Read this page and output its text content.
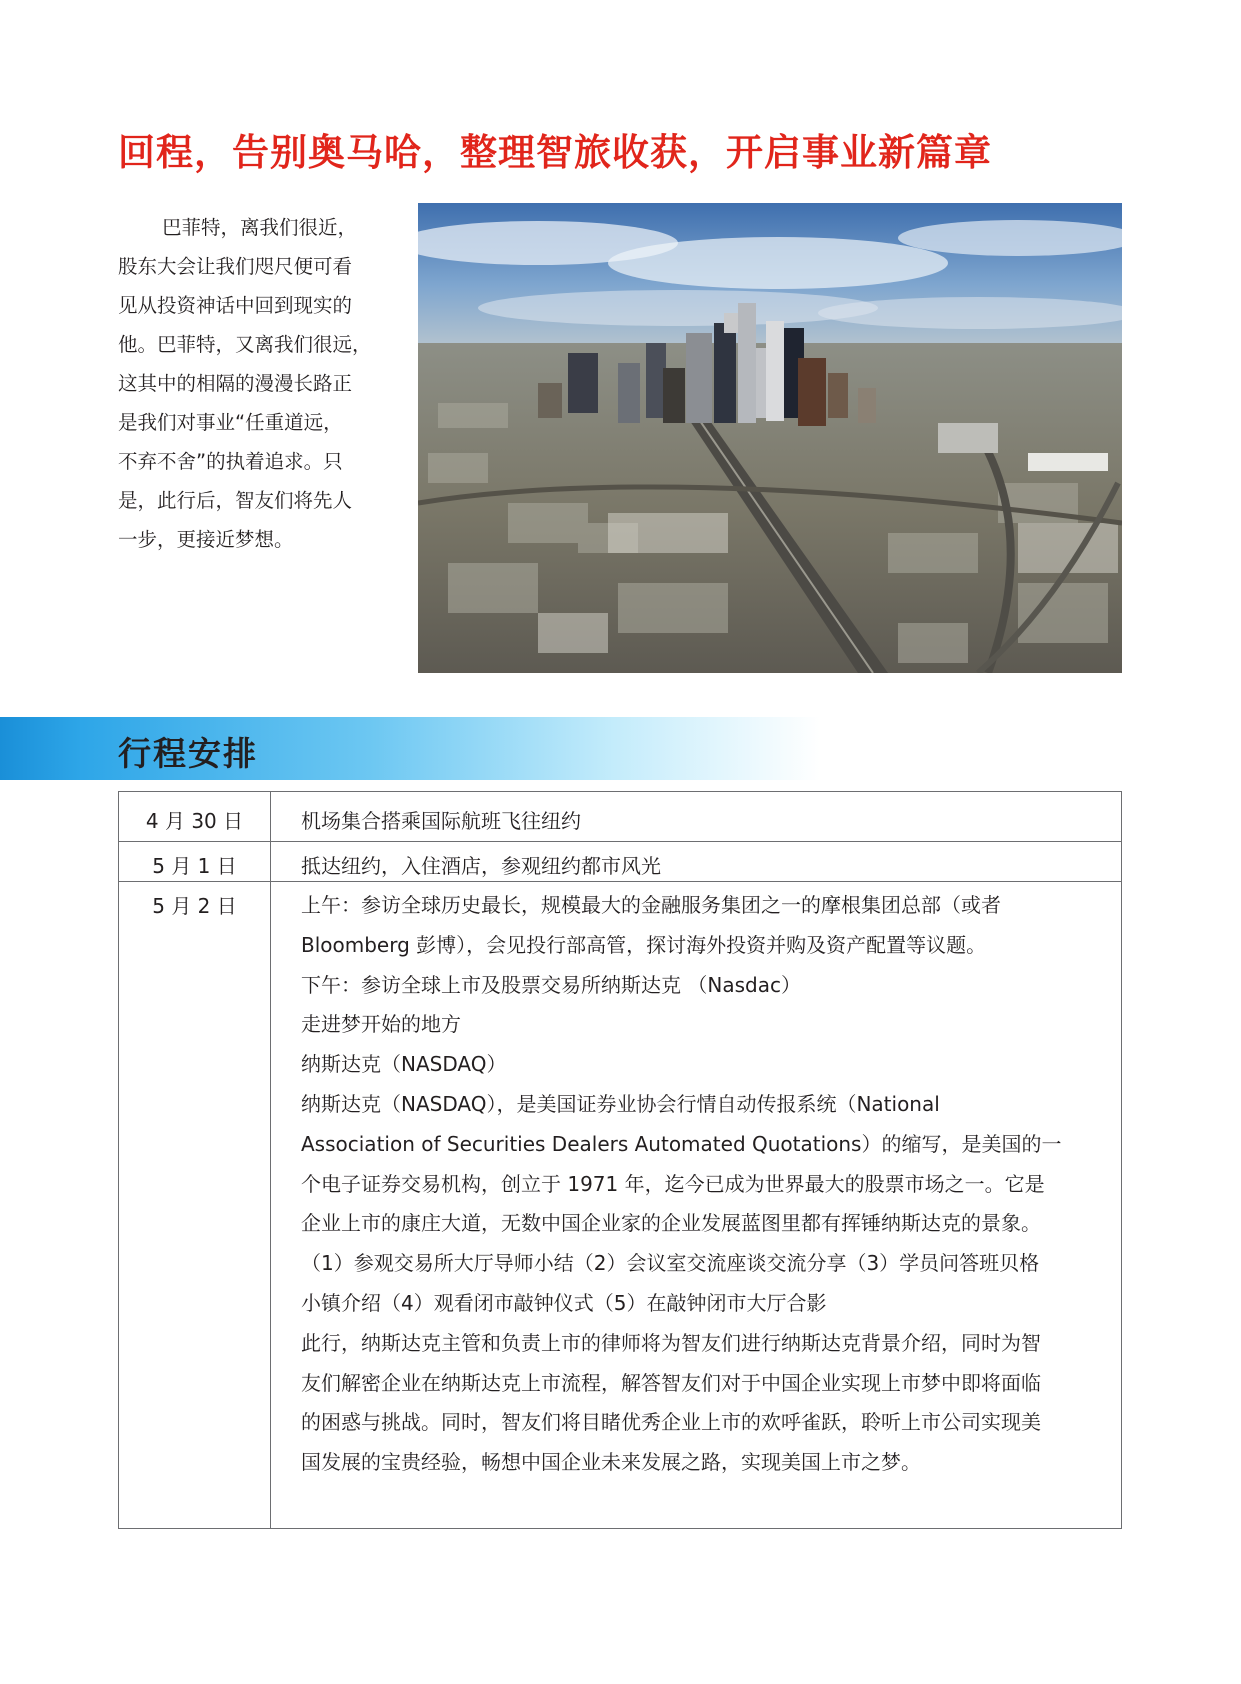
回程，告别奥马哈，整理智旅收获，开启事业新篇章
巴菲特，离我们很近，
股东大会让我们咫尺便可看
见从投资神话中回到现实的
他。巴菲特，又离我们很远，
这其中的相隔的漫漫长路正
是我们对事业“任重道远，
不弃不舍”的执着追求。只
是，此行后，智友们将先人
一步，更接近梦想。
行程安排
4 月 30 日	机场集合搭乘国际航班飞往纽约
5 月 1 日	抵达纽约，入住酒店，参观纽约都市风光
5 月 2 日	上午：参访全球历史最长，规模最大的金融服务集团之一的摩根集团总部（或者
Bloomberg 彭博），会见投行部高管，探讨海外投资并购及资产配置等议题。
下午：参访全球上市及股票交易所纳斯达克 （Nasdac）
走进梦开始的地方
纳斯达克（NASDAQ）
纳斯达克（NASDAQ），是美国证券业协会行情自动传报系统（National
Association of Securities Dealers Automated Quotations）的缩写，是美国的一
个电子证券交易机构，创立于 1971 年，迄今已成为世界最大的股票市场之一。它是
企业上市的康庄大道，无数中国企业家的企业发展蓝图里都有挥锤纳斯达克的景象。
（1）参观交易所大厅导师小结（2）会议室交流座谈交流分享（3）学员问答班贝格
小镇介绍（4）观看闭市敲钟仪式（5）在敲钟闭市大厅合影
此行，纳斯达克主管和负责上市的律师将为智友们进行纳斯达克背景介绍，同时为智
友们解密企业在纳斯达克上市流程，解答智友们对于中国企业实现上市梦中即将面临
的困惑与挑战。同时，智友们将目睹优秀企业上市的欢呼雀跃，聆听上市公司实现美
国发展的宝贵经验，畅想中国企业未来发展之路，实现美国上市之梦。
